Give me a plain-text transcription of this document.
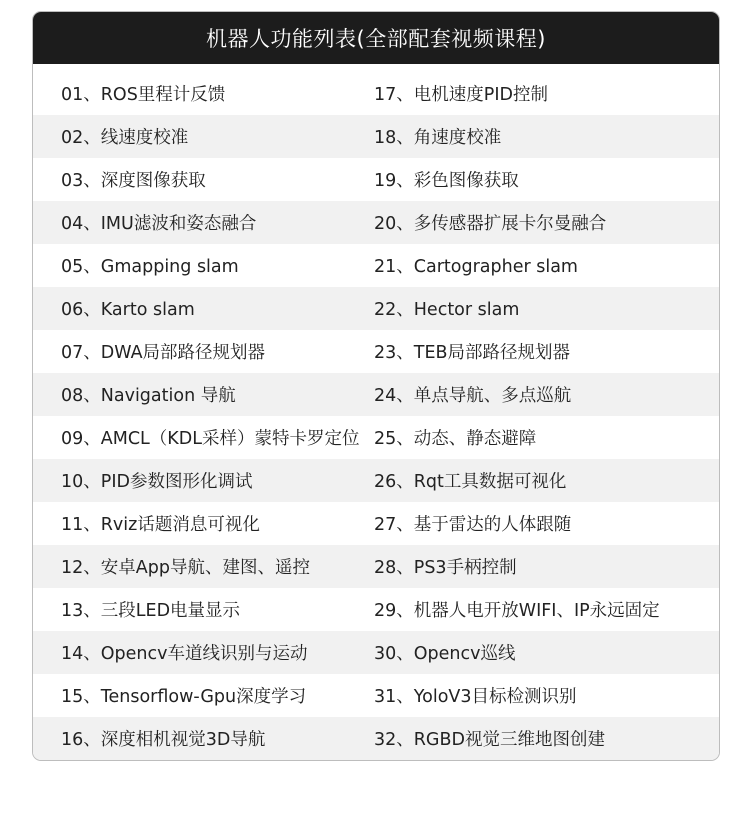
机器人功能列表(全部配套视频课程)
01、ROS里程计反馈	17、电机速度PID控制
02、线速度校准	18、角速度校准
03、深度图像获取	19、彩色图像获取
04、IMU滤波和姿态融合	20、多传感器扩展卡尔曼融合
05、Gmapping slam	21、Cartographer slam
06、Karto slam	22、Hector slam
07、DWA局部路径规划器	23、TEB局部路径规划器
08、Navigation 导航	24、单点导航、多点巡航
09、AMCL（KDL采样）蒙特卡罗定位 25、动态、静态避障
10、PID参数图形化调试	26、Rqt工具数据可视化
11、Rviz话题消息可视化	27、基于雷达的人体跟随
12、安卓App导航、建图、遥控	28、PS3手柄控制
13、三段LED电量显示	29、机器人电开放WIFI、IP永远固定
14、Opencv车道线识别与运动	30、Opencv巡线
15、Tensorflow-Gpu深度学习	31、YoloV3目标检测识别
16、深度相机视觉3D导航	32、RGBD视觉三维地图创建
